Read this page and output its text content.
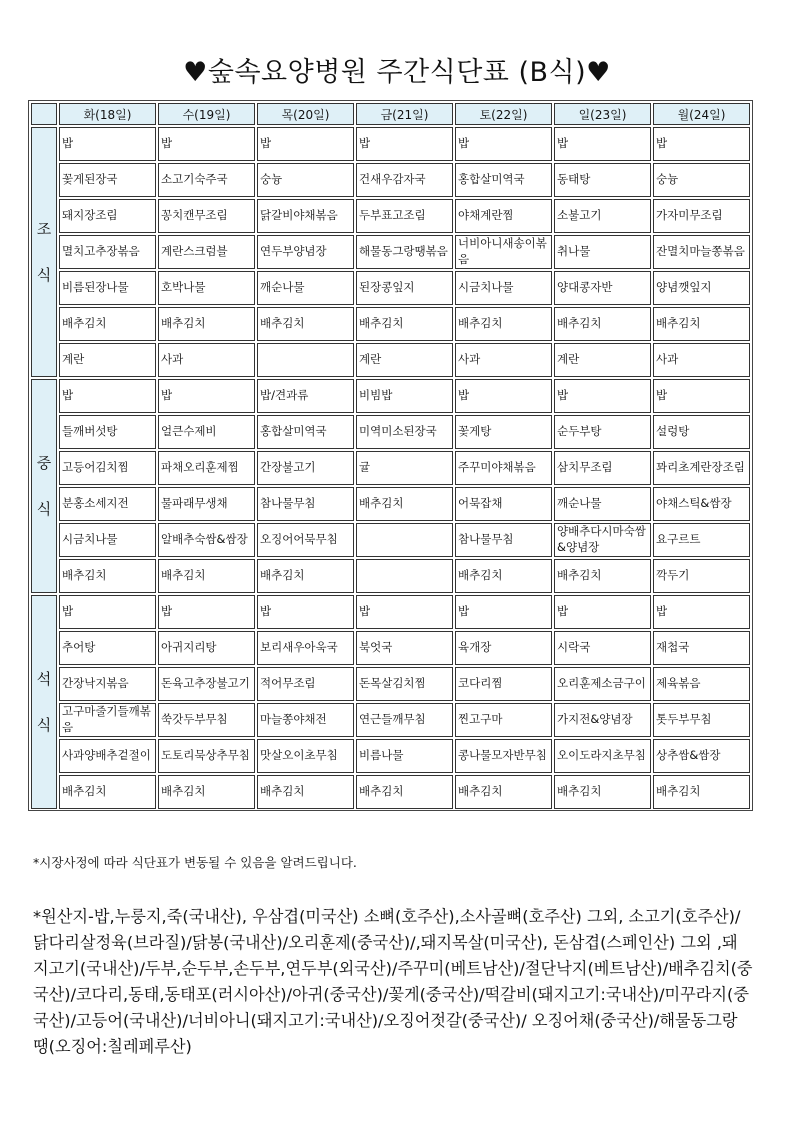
♥숲속요양병원 주간식단표 (B식)♥
	화(18일)	수(19일)	목(20일)	금(21일)	토(22일)	일(23일)	월(24일)

조
식	밥	밥	밥	밥	밥	밥	밥
	꽃게된장국	소고기숙주국	숭늉	건새우감자국	홍합살미역국	동태탕	숭늉
	돼지장조림	꽁치캔무조림	닭갈비야채볶음	두부표고조림	야채계란찜	소불고기	가자미무조림
	멸치고추장볶음	계란스크럼블	연두부양념장	해물동그랑땡볶음	너비아니새송이볶음	취나물	잔멸치마늘쫑볶음
	비름된장나물	호박나물	깨순나물	된장콩잎지	시금치나물	양대콩자반	양념깻잎지
	배추김치	배추김치	배추김치	배추김치	배추김치	배추김치	배추김치
	계란	사과		계란	사과	계란	사과

중
식	밥	밥	밥/견과류	비빔밥	밥	밥	밥
	들깨버섯탕	얼큰수제비	홍합살미역국	미역미소된장국	꽃게탕	순두부탕	설렁탕
	고등어김치찜	파채오리훈제찜	간장불고기	귤	주꾸미야채볶음	삼치무조림	꽈리초계란장조림
	분홍소세지전	물파래무생채	참나물무침	배추김치	어묵잡채	깨순나물	야채스틱&쌈장
	시금치나물	알배추숙쌈&쌈장	오징어어묵무침		참나물무침	양배추다시마숙쌈&양념장	요구르트
	배추김치	배추김치	배추김치		배추김치	배추김치	깍두기

석
식	밥	밥	밥	밥	밥	밥	밥
	추어탕	아귀지리탕	보리새우아욱국	북엇국	육개장	시락국	재첩국
	간장낙지볶음	돈육고추장불고기	적어무조림	돈목살김치찜	코다리찜	오리훈제소금구이	제육볶음
	고구마줄기들깨볶음	쑥갓두부무침	마늘쫑야채전	연근들깨무침	찐고구마	가지전&양념장	톳두부무침
	사과양배추겉절이	도토리묵상추무침	맛살오이초무침	비름나물	콩나물모자반무침	오이도라지초무침	상추쌈&쌈장
	배추김치	배추김치	배추김치	배추김치	배추김치	배추김치	배추김치
*시장사정에 따라 식단표가 변동될 수 있음을 알려드립니다.
*원산지-밥,누룽지,죽(국내산), 우삼겹(미국산) 소뼈(호주산),소사골뼈(호주산) 그외, 소고기(호주산)/닭다리살정육(브라질)/닭봉(국내산)/오리훈제(중국산)/,돼지목살(미국산), 돈삼겹(스페인산) 그외 ,돼지고기(국내산)/두부,순두부,손두부,연두부(외국산)/주꾸미(베트남산)/절단낙지(베트남산)/배추김치(중국산)/코다리,동태,동태포(러시아산)/아귀(중국산)/꽃게(중국산)/떡갈비(돼지고기:국내산)/미꾸라지(중국산)/고등어(국내산)/너비아니(돼지고기:국내산)/오징어젓갈(중국산)/ 오징어채(중국산)/해물동그랑땡(오징어:칠레페루산)
